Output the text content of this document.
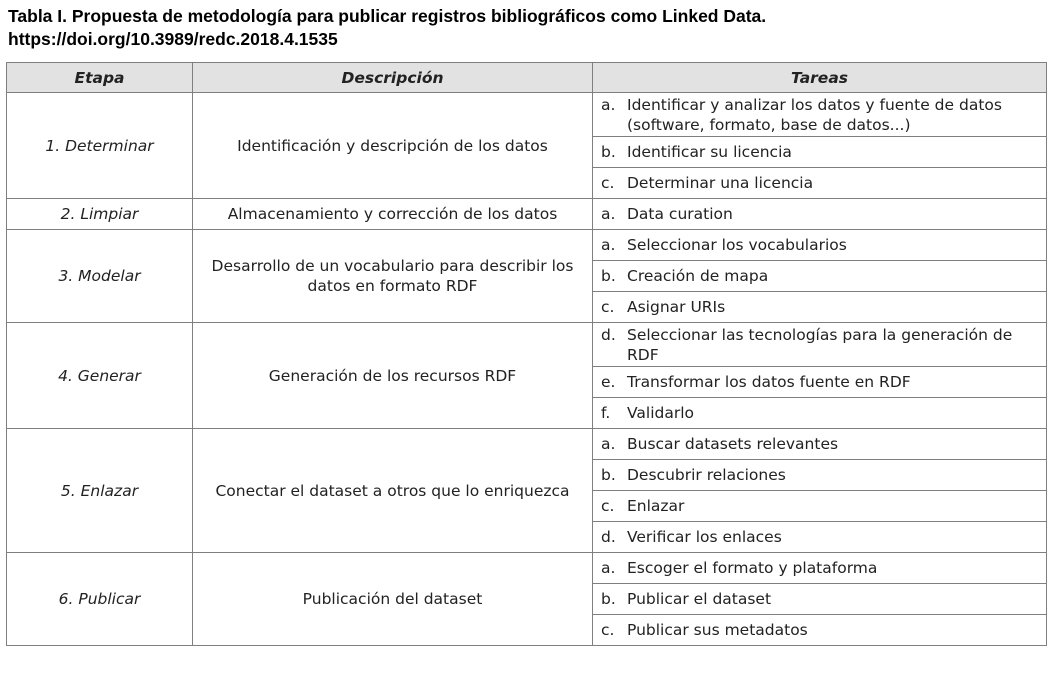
Tabla I. Propuesta de metodología para publicar registros bibliográficos como Linked Data.
https://doi.org/10.3989/redc.2018.4.1535
Etapa	Descripción	Tareas
1. Determinar	Identificación y descripción de los datos	a. Identificar y analizar los datos y fuente de datos (software, formato, base de datos...)

		b. Identificar su licencia

		c. Determinar una licencia

2. Limpiar	Almacenamiento y corrección de los datos	a. Data curation

3. Modelar	Desarrollo de un vocabulario para describir los datos en formato RDF	a. Seleccionar los vocabularios

		b. Creación de mapa

		c. Asignar URIs

4. Generar	Generación de los recursos RDF	d. Seleccionar las tecnologías para la generación de RDF

		e. Transformar los datos fuente en RDF

		f. Validarlo

5. Enlazar	Conectar el dataset a otros que lo enriquezca	a. Buscar datasets relevantes

		b. Descubrir relaciones

		c. Enlazar

		d. Verificar los enlaces

6. Publicar	Publicación del dataset	a. Escoger el formato y plataforma

		b. Publicar el dataset

		c. Publicar sus metadatos
